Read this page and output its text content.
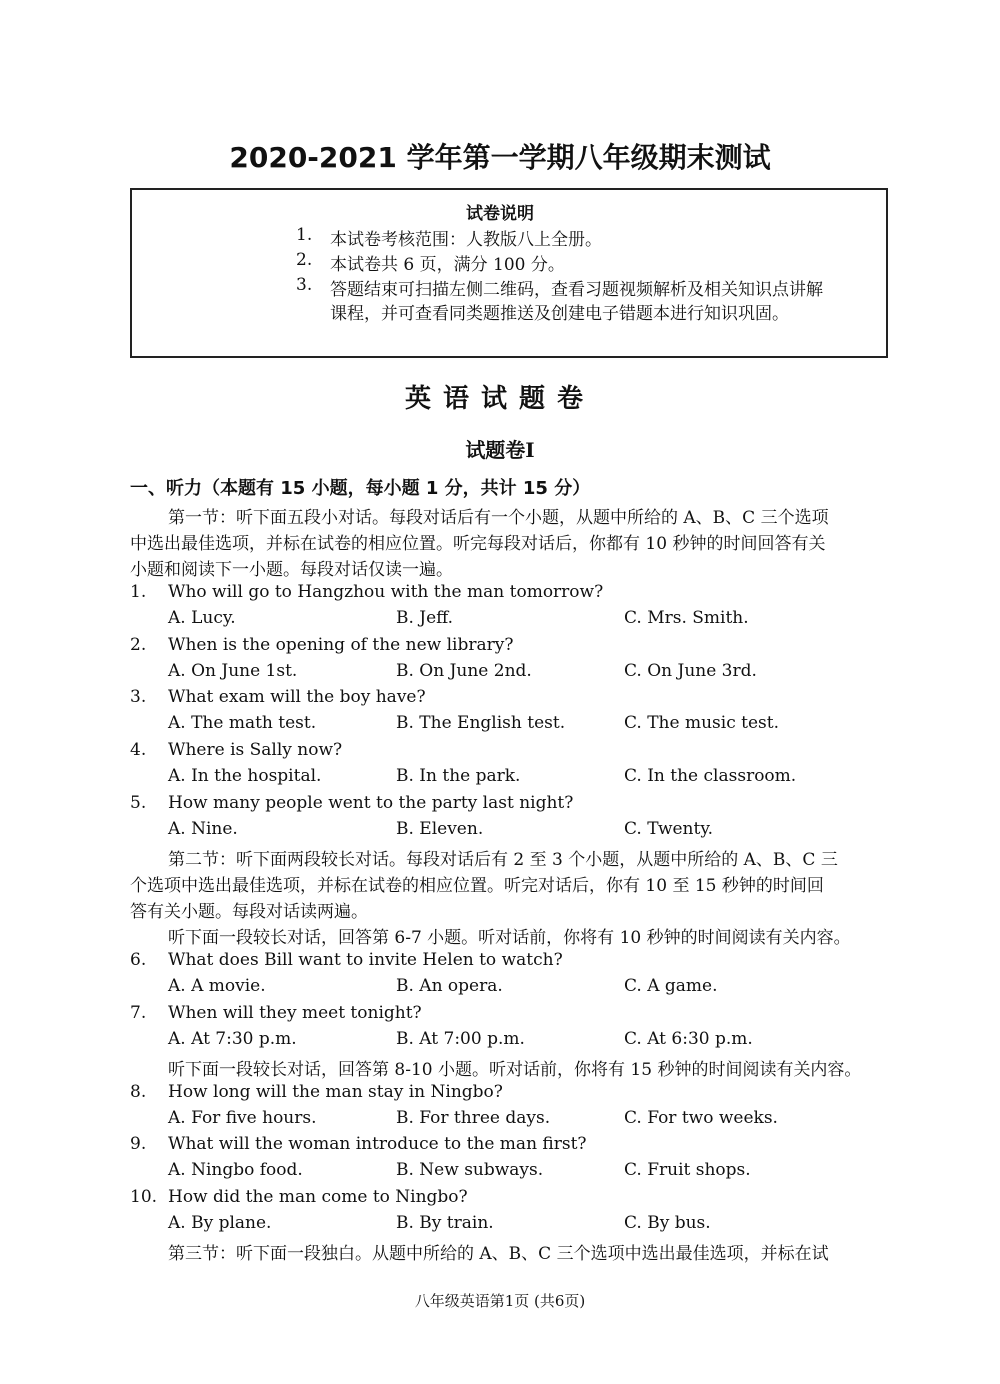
2020-2021 学年第一学期八年级期末测试
试卷说明
1. 本试卷考核范围：人教版八上全册。
2. 本试卷共 6 页，满分 100 分。
3. 答题结束可扫描左侧二维码，查看习题视频解析及相关知识点讲解
课程，并可查看同类题推送及创建电子错题本进行知识巩固。
英语试题卷
试题卷Ⅰ
一、听力（本题有 15 小题，每小题 1 分，共计 15 分）
第一节：听下面五段小对话。每段对话后有一个小题，从题中所给的 A、B、C 三个选项
中选出最佳选项，并标在试卷的相应位置。听完每段对话后，你都有 10 秒钟的时间回答有关
小题和阅读下一小题。每段对话仅读一遍。
1. Who will go to Hangzhou with the man tomorrow?
A. Lucy.	B. Jeff.	C. Mrs. Smith.
2. When is the opening of the new library?
A. On June 1st.	B. On June 2nd.	C. On June 3rd.
3. What exam will the boy have?
A. The math test.	B. The English test.	C. The music test.
4. Where is Sally now?
A. In the hospital.	B. In the park.	C. In the classroom.
5. How many people went to the party last night?
A. Nine.	B. Eleven.	C. Twenty.
第二节：听下面两段较长对话。每段对话后有 2 至 3 个小题，从题中所给的 A、B、C 三
个选项中选出最佳选项，并标在试卷的相应位置。听完对话后，你有 10 至 15 秒钟的时间回
答有关小题。每段对话读两遍。
听下面一段较长对话，回答第 6-7 小题。听对话前，你将有 10 秒钟的时间阅读有关内容。
6. What does Bill want to invite Helen to watch?
A. A movie.	B. An opera.	C. A game.
7. When will they meet tonight?
A. At 7:30 p.m.	B. At 7:00 p.m.	C. At 6:30 p.m.
听下面一段较长对话，回答第 8-10 小题。听对话前，你将有 15 秒钟的时间阅读有关内容。
8. How long will the man stay in Ningbo?
A. For five hours.	B. For three days.	C. For two weeks.
9. What will the woman introduce to the man first?
A. Ningbo food.	B. New subways.	C. Fruit shops.
10. How did the man come to Ningbo?
A. By plane.	B. By train.	C. By bus.
第三节：听下面一段独白。从题中所给的 A、B、C 三个选项中选出最佳选项，并标在试
八年级英语第1页 (共6页)
